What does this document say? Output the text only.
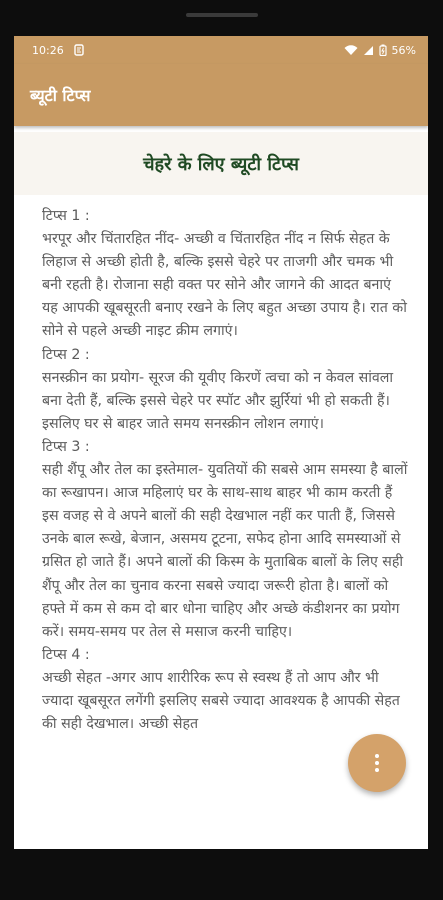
10:26	56%
ब्यूटी टिप्स
चेहरे के लिए ब्यूटी टिप्स
टिप्स 1 :
भरपूर और चिंतारहित नींद- अच्छी व चिंतारहित नींद न सिर्फ सेहत के लिहाज से अच्छी होती है, बल्कि इससे चेहरे पर ताजगी और चमक भी बनी रहती है। रोजाना सही वक्त पर सोने और जागने की आदत बनाएं यह आपकी खूबसूरती बनाए रखने के लिए बहुत अच्छा उपाय है। रात को सोने से पहले अच्छी नाइट क्रीम लगाएं।
टिप्स 2 :
सनस्क्रीन का प्रयोग- सूरज की यूवीए किरणें त्वचा को न केवल सांवला बना देती हैं, बल्कि इससे चेहरे पर स्पॉट और झुर्रियां भी हो सकती हैं। इसलिए घर से बाहर जाते समय सनस्क्रीन लोशन लगाएं।
टिप्स 3 :
सही शैंपू और तेल का इस्तेमाल- युवतियों की सबसे आम समस्या है बालों का रूखापन। आज महिलाएं घर के साथ-साथ बाहर भी काम करती हैं इस वजह से वे अपने बालों की सही देखभाल नहीं कर पाती हैं, जिससे उनके बाल रूखे, बेजान, असमय टूटना, सफेद होना आदि समस्याओं से ग्रसित हो जाते हैं। अपने बालों की किस्म के मुताबिक बालों के लिए सही शैंपू और तेल का चुनाव करना सबसे ज्यादा जरूरी होता है। बालों को हफ्ते में कम से कम दो बार धोना चाहिए और अच्छे कंडीशनर का प्रयोग करें। समय-समय पर तेल से मसाज करनी चाहिए।
टिप्स 4 :
अच्छी सेहत -अगर आप शारीरिक रूप से स्वस्थ हैं तो आप और भी ज्यादा खूबसूरत लगेंगी इसलिए सबसे ज्यादा आवश्यक है आपकी सेहत की सही देखभाल। अच्छी सेहत
